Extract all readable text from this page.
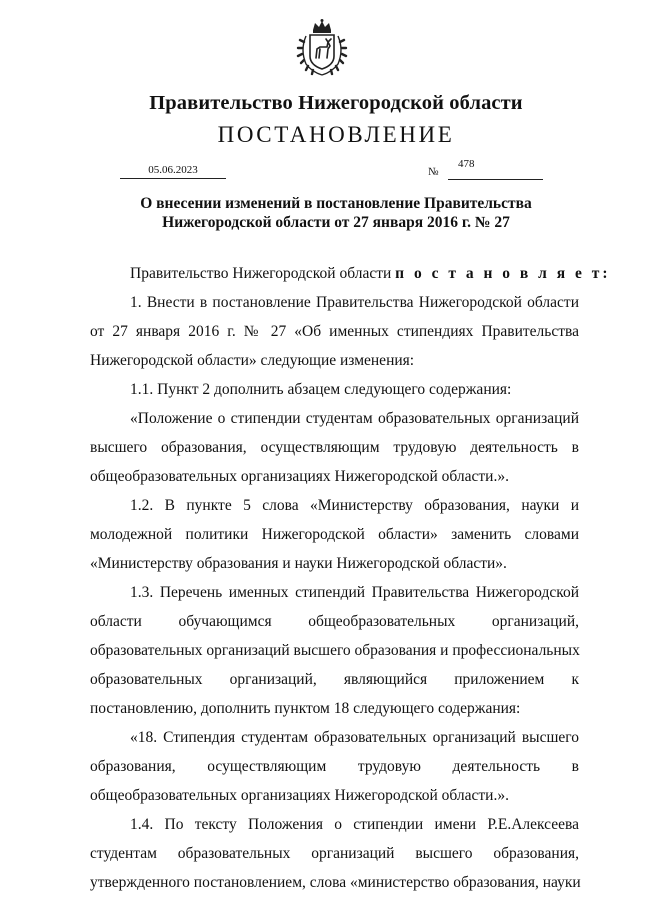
Правительство Нижегородской области
ПОСТАНОВЛЕНИЕ
05.06.2023	№
478
О внесении изменений в постановление Правительства
Нижегородской области от 27 января 2016 г. № 27
Правительство Нижегородской области п о с т а н о в л я е т:
1. Внести в постановление Правительства Нижегородской области
от 27 января 2016 г. № 27 «Об именных стипендиях Правительства
Нижегородской области» следующие изменения:
1.1. Пункт 2 дополнить абзацем следующего содержания:
«Положение о стипендии студентам образовательных организаций
высшего образования, осуществляющим трудовую деятельность в
общеобразовательных организациях Нижегородской области.».
1.2. В пункте 5 слова «Министерству образования, науки и
молодежной политики Нижегородской области» заменить словами
«Министерству образования и науки Нижегородской области».
1.3. Перечень именных стипендий Правительства Нижегородской
области обучающимся общеобразовательных организаций,
образовательных организаций высшего образования и профессиональных
образовательных организаций, являющийся приложением к
постановлению, дополнить пунктом 18 следующего содержания:
«18. Стипендия студентам образовательных организаций высшего
образования, осуществляющим трудовую деятельность в
общеобразовательных организациях Нижегородской области.».
1.4. По тексту Положения о стипендии имени Р.Е.Алексеева
студентам образовательных организаций высшего образования,
утвержденного постановлением, слова «министерство образования, науки
